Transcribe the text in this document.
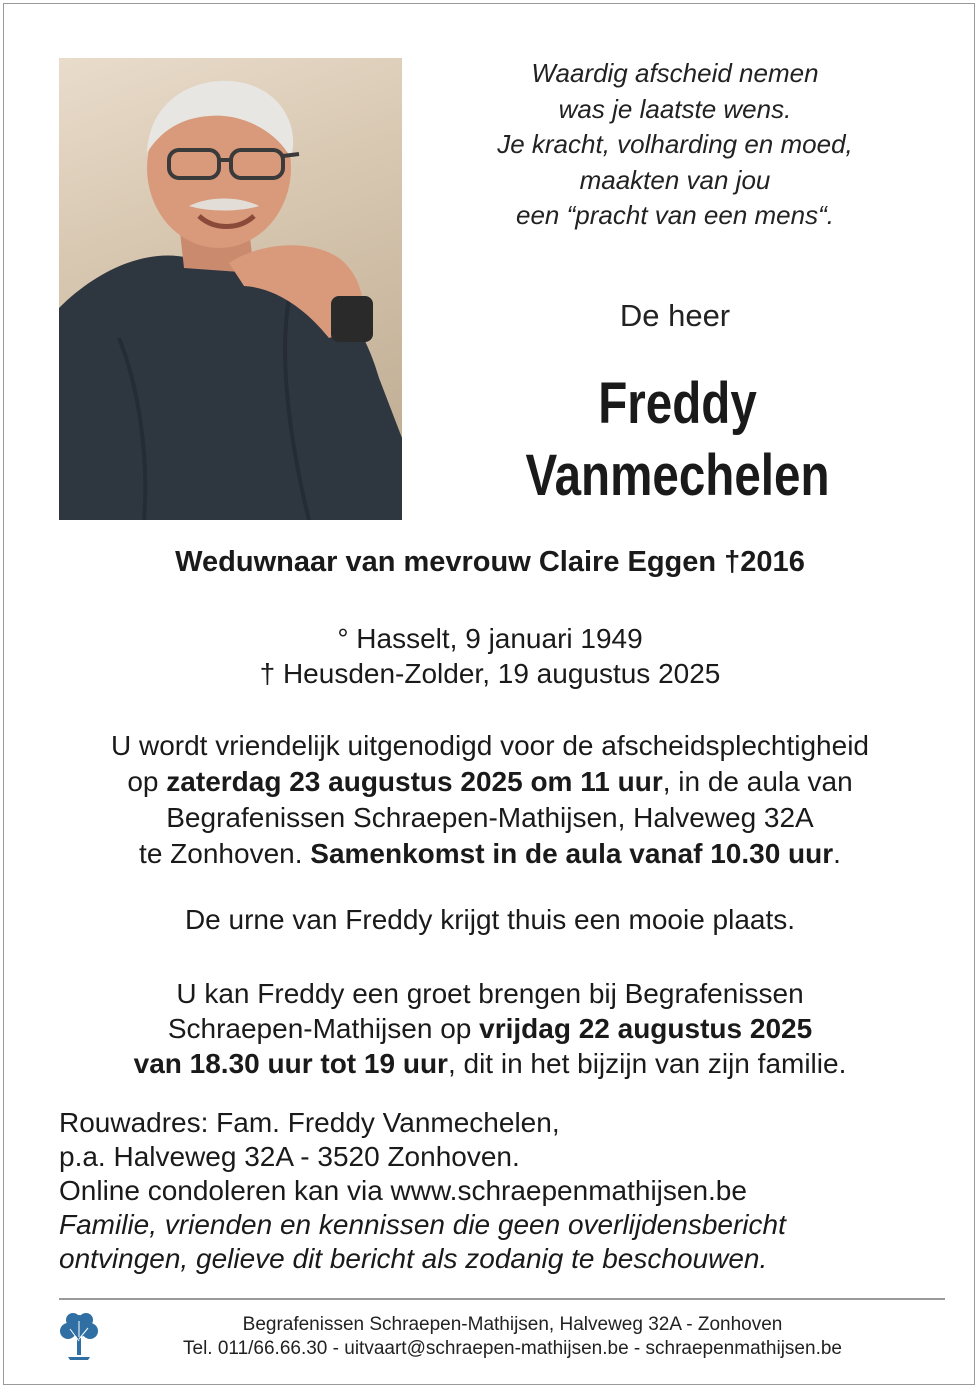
Waardig afscheid nemen
was je laatste wens.
Je kracht, volharding en moed,
maakten van jou
een “pracht van een mens“.
De heer
Freddy
Vanmechelen
Weduwnaar van mevrouw Claire Eggen †2016
° Hasselt, 9 januari 1949
† Heusden-Zolder, 19 augustus 2025
U wordt vriendelijk uitgenodigd voor de afscheidsplechtigheid
op zaterdag 23 augustus 2025 om 11 uur, in de aula van
Begrafenissen Schraepen-Mathijsen, Halveweg 32A
te Zonhoven. Samenkomst in de aula vanaf 10.30 uur.
De urne van Freddy krijgt thuis een mooie plaats.
U kan Freddy een groet brengen bij Begrafenissen
Schraepen-Mathijsen op vrijdag 22 augustus 2025
van 18.30 uur tot 19 uur, dit in het bijzijn van zijn familie.
Rouwadres: Fam. Freddy Vanmechelen,
p.a. Halveweg 32A - 3520 Zonhoven.
Online condoleren kan via www.schraepenmathijsen.be
Familie, vrienden en kennissen die geen overlijdensbericht
ontvingen, gelieve dit bericht als zodanig te beschouwen.
Begrafenissen Schraepen-Mathijsen, Halveweg 32A - Zonhoven
Tel. 011/66.66.30 - uitvaart@schraepen-mathijsen.be - schraepenmathijsen.be
